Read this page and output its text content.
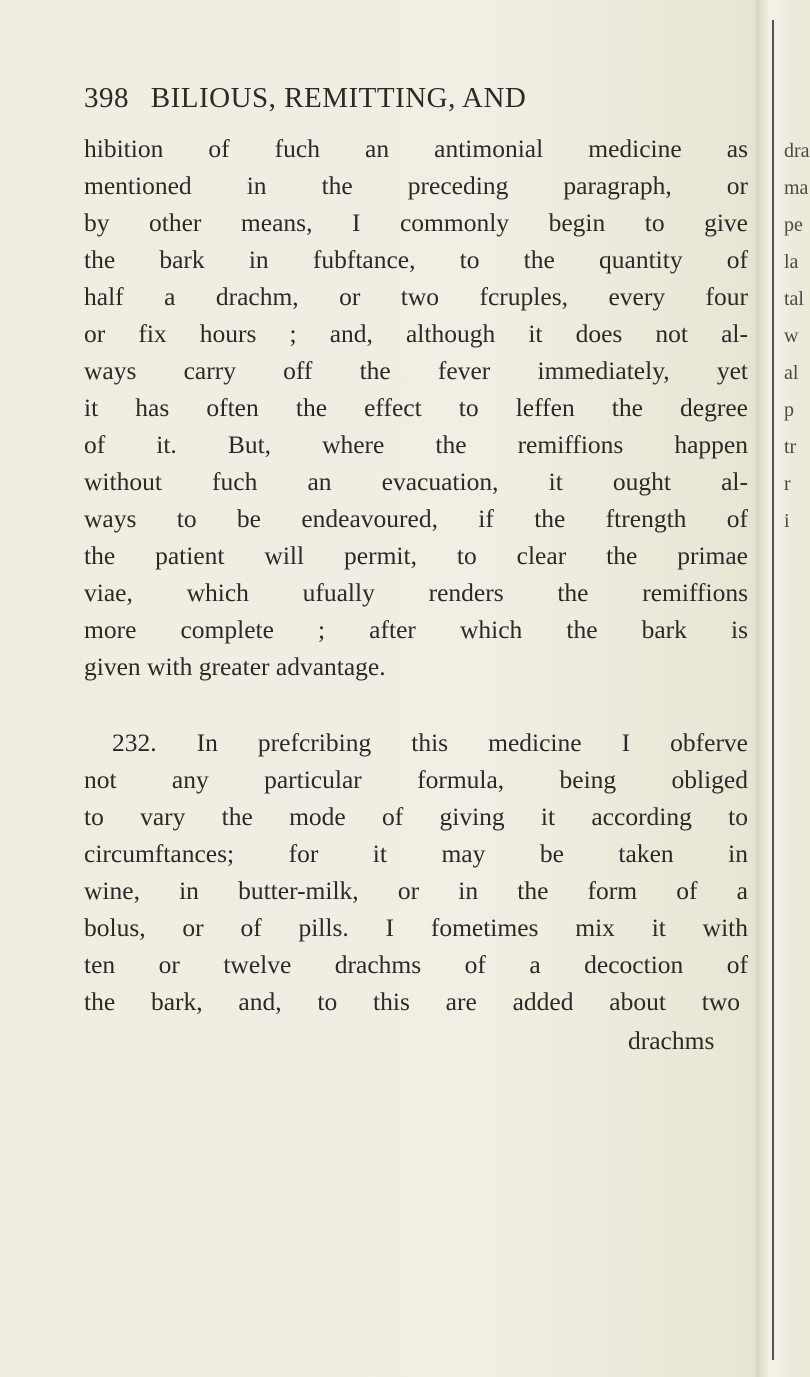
398 BILIOUS, REMITTING, AND
hibition of fuch an antimonial medicine as
mentioned in the preceding paragraph, or
by other means, I commonly begin to give
the bark in fubftance, to the quantity of
half a drachm, or two fcruples, every four
or fix hours ; and, although it does not al-
ways carry off the fever immediately, yet
it has often the effect to leffen the degree
of it. But, where the remiffions happen
without fuch an evacuation, it ought al-
ways to be endeavoured, if the ftrength of
the patient will permit, to clear the primae
viae, which ufually renders the remiffions
more complete ; after which the bark is
given with greater advantage.
232. In prefcribing this medicine I obferve
not any particular formula, being obliged
to vary the mode of giving it according to
circumftances; for it may be taken in
wine, in butter-milk, or in the form of a
bolus, or of pills. I fometimes mix it with
ten or twelve drachms of a decoction of
the bark, and, to this are added about two
drachms
dra
ma
pe
la
tal
w
al
p
tr
r
i
